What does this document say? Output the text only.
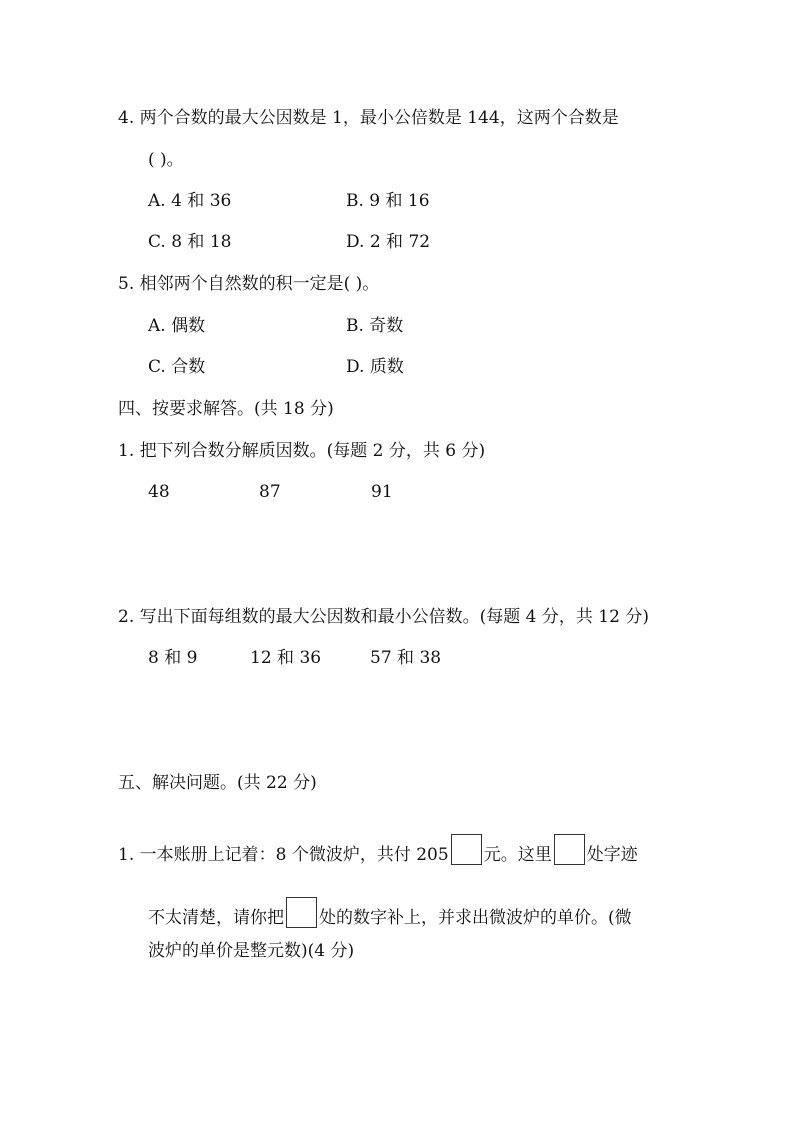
4. 两个合数的最大公因数是 1，最小公倍数是 144，这两个合数是
( )。
A. 4 和 36	B. 9 和 16
C. 8 和 18	D. 2 和 72
5. 相邻两个自然数的积一定是( )。
A. 偶数	B. 奇数
C. 合数	D. 质数
四、按要求解答。(共 18 分)
1. 把下列合数分解质因数。(每题 2 分，共 6 分)
48	87	91
2. 写出下面每组数的最大公因数和最小公倍数。(每题 4 分，共 12 分)
8 和 9	12 和 36	57 和 38
五、解决问题。(共 22 分)
1. 一本账册上记着：8 个微波炉，共付 205 元。这里 处字迹
不太清楚，请你把 处的数字补上，并求出微波炉的单价。(微
波炉的单价是整元数)(4 分)
